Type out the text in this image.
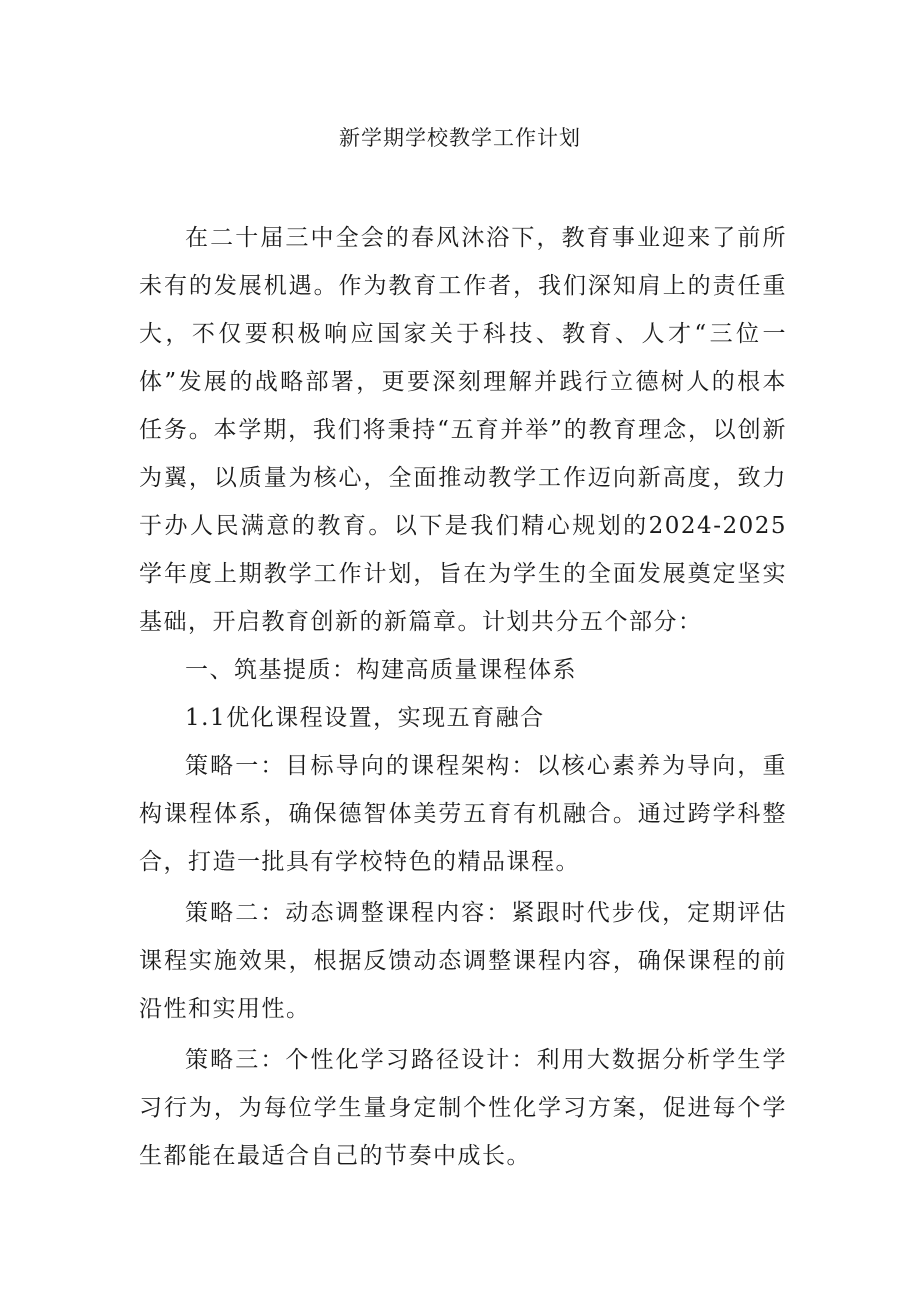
新学期学校教学工作计划

在二十届三中全会的春风沐浴下，教育事业迎来了前所未有的发展机遇。作为教育工作者，我们深知肩上的责任重大，不仅要积极响应国家关于科技、教育、人才“三位一体”发展的战略部署，更要深刻理解并践行立德树人的根本任务。本学期，我们将秉持“五育并举”的教育理念，以创新为翼，以质量为核心，全面推动教学工作迈向新高度，致力于办人民满意的教育。以下是我们精心规划的2024-2025学年度上期教学工作计划，旨在为学生的全面发展奠定坚实基础，开启教育创新的新篇章。计划共分五个部分：

一、筑基提质：构建高质量课程体系

1.1优化课程设置，实现五育融合

策略一：目标导向的课程架构：以核心素养为导向，重构课程体系，确保德智体美劳五育有机融合。通过跨学科整合，打造一批具有学校特色的精品课程。

策略二：动态调整课程内容：紧跟时代步伐，定期评估课程实施效果，根据反馈动态调整课程内容，确保课程的前沿性和实用性。

策略三：个性化学习路径设计：利用大数据分析学生学习行为，为每位学生量身定制个性化学习方案，促进每个学生都能在最适合自己的节奏中成长。
